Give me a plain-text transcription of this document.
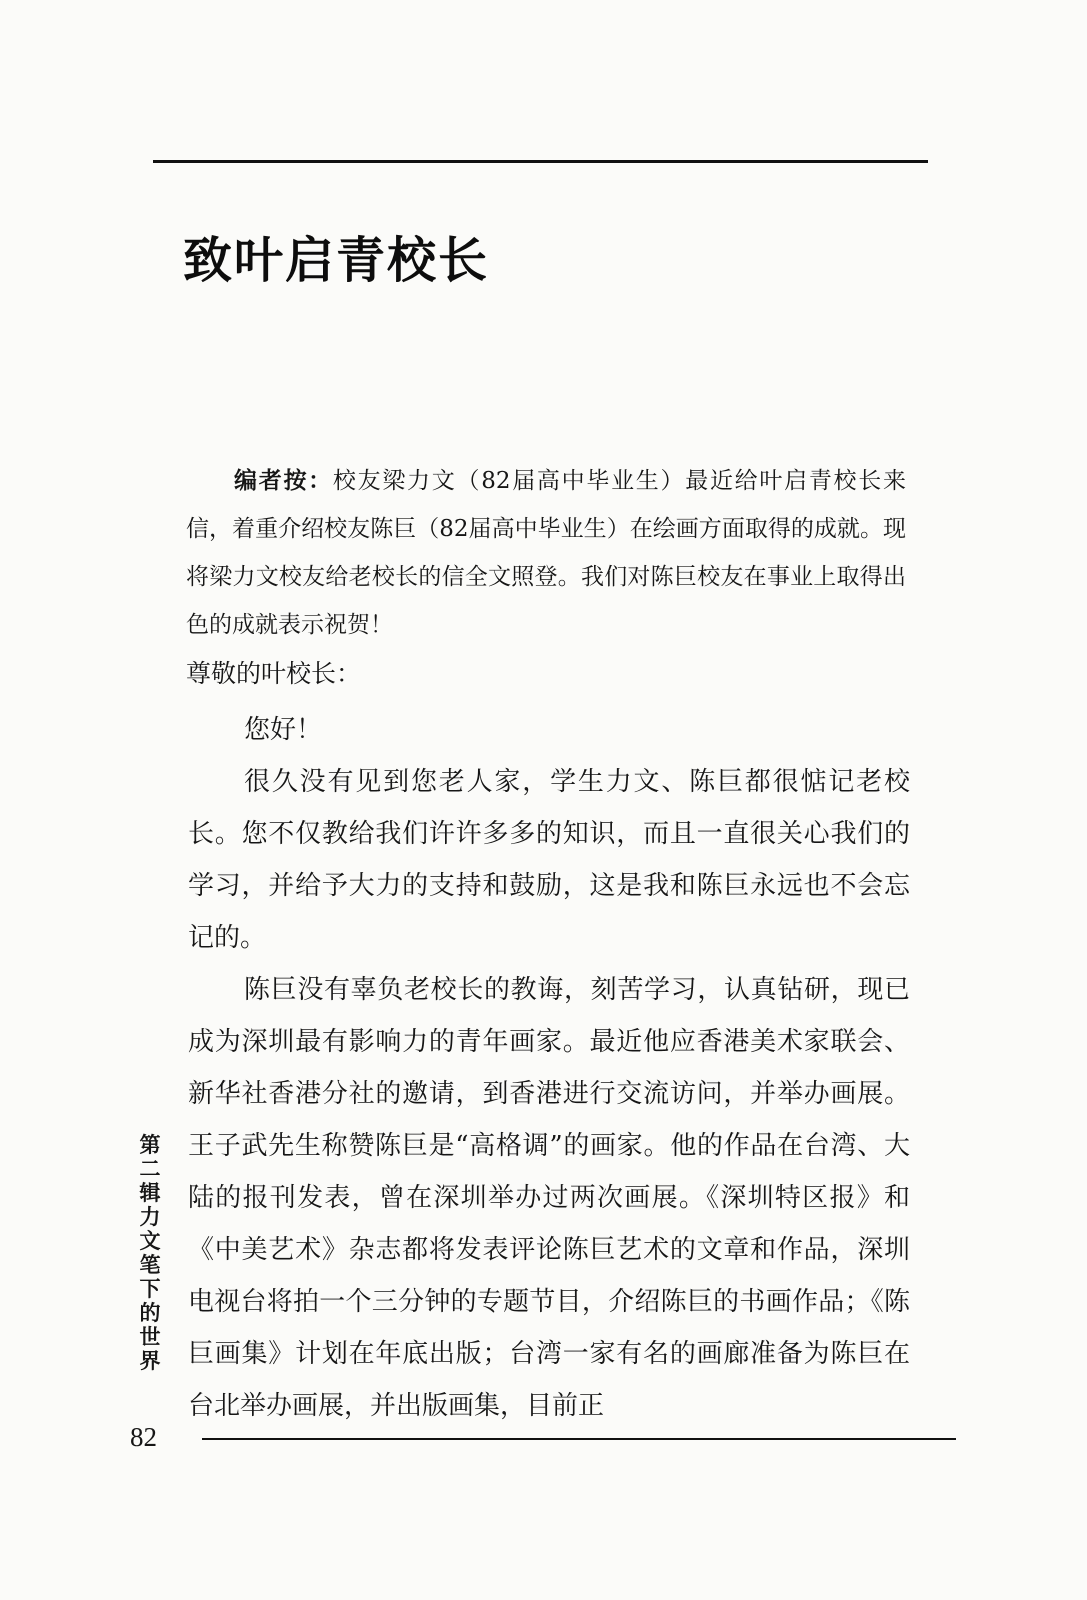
致叶启青校长

编者按：校友梁力文（82届高中毕业生）最近给叶启青校长来信，着重介绍校友陈巨（82届高中毕业生）在绘画方面取得的成就。现将梁力文校友给老校长的信全文照登。我们对陈巨校友在事业上取得出色的成就表示祝贺！

尊敬的叶校长：

您好！

很久没有见到您老人家，学生力文、陈巨都很惦记老校长。您不仅教给我们许许多多的知识，而且一直很关心我们的学习，并给予大力的支持和鼓励，这是我和陈巨永远也不会忘记的。

陈巨没有辜负老校长的教诲，刻苦学习，认真钻研，现已成为深圳最有影响力的青年画家。最近他应香港美术家联会、新华社香港分社的邀请，到香港进行交流访问，并举办画展。王子武先生称赞陈巨是“高格调”的画家。他的作品在台湾、大陆的报刊发表，曾在深圳举办过两次画展。《深圳特区报》和《中美艺术》杂志都将发表评论陈巨艺术的文章和作品，深圳电视台将拍一个三分钟的专题节目，介绍陈巨的书画作品；《陈巨画集》计划在年底出版；台湾一家有名的画廊准备为陈巨在台北举办画展，并出版画集，目前正

第二辑 力文笔下的世界
82
